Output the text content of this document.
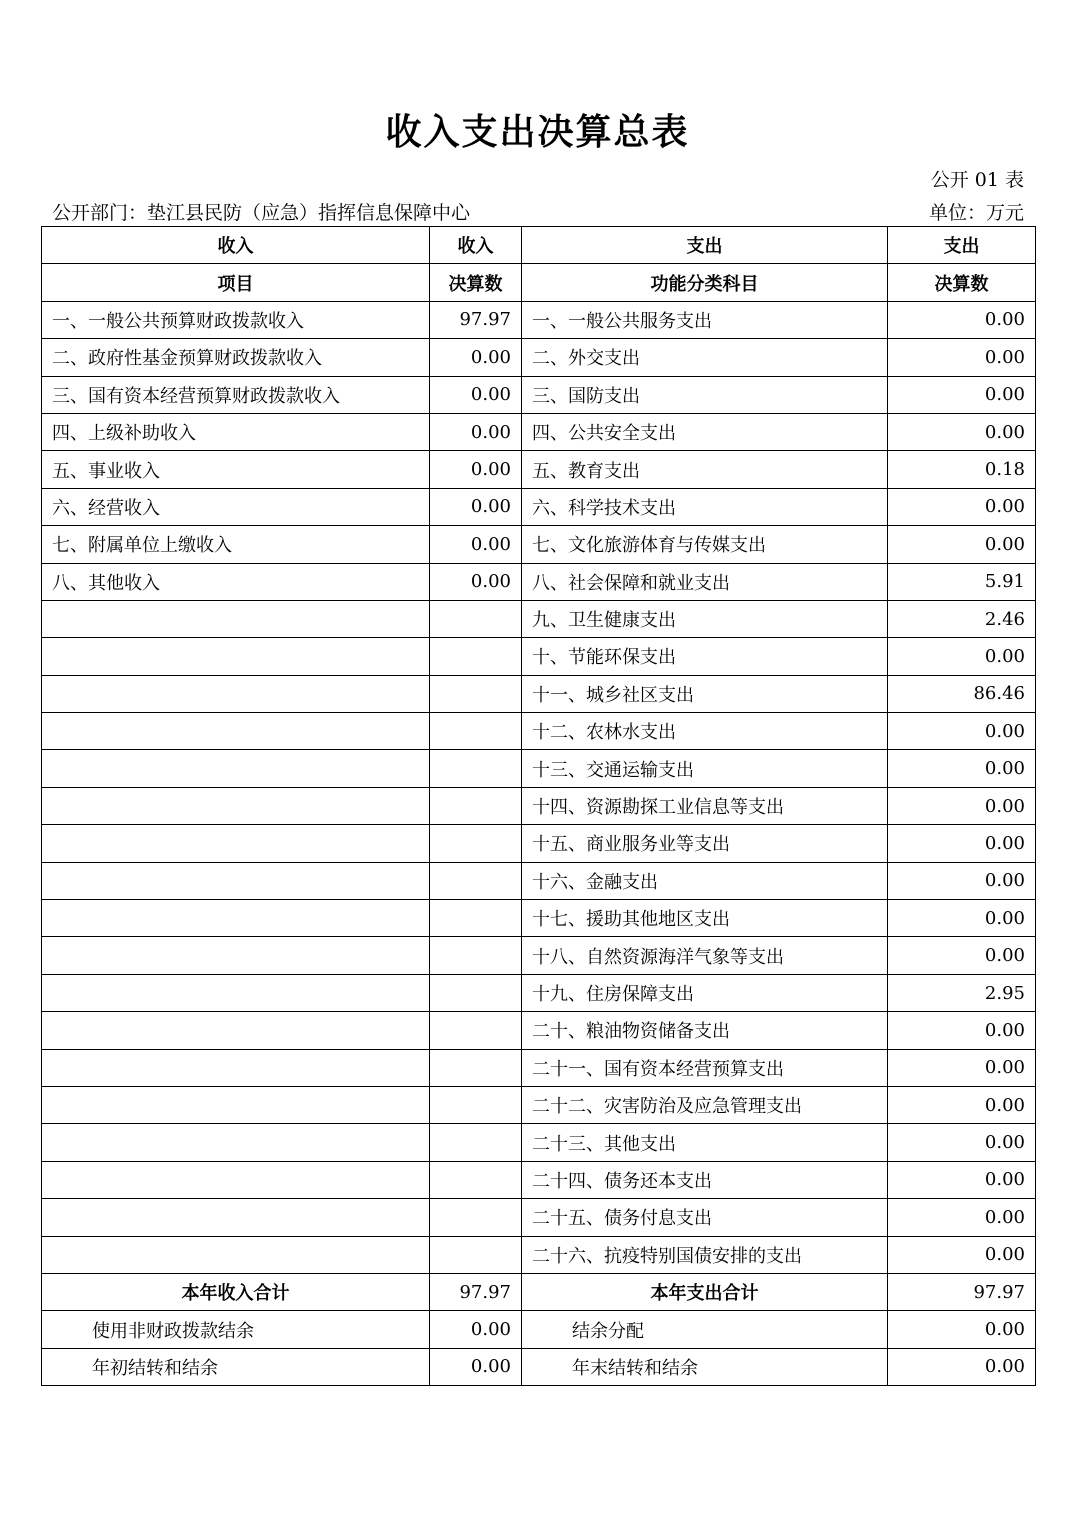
收入支出决算总表
公开 01 表
公开部门：垫江县民防（应急）指挥信息保障中心	单位：万元
收入	收入	支出	支出
项目	决算数	功能分类科目	决算数
一、一般公共预算财政拨款收入	97.97	一、一般公共服务支出	0.00
二、政府性基金预算财政拨款收入	0.00	二、外交支出	0.00
三、国有资本经营预算财政拨款收入	0.00	三、国防支出	0.00
四、上级补助收入	0.00	四、公共安全支出	0.00
五、事业收入	0.00	五、教育支出	0.18
六、经营收入	0.00	六、科学技术支出	0.00
七、附属单位上缴收入	0.00	七、文化旅游体育与传媒支出	0.00
八、其他收入	0.00	八、社会保障和就业支出	5.91
		九、卫生健康支出	2.46
		十、节能环保支出	0.00
		十一、城乡社区支出	86.46
		十二、农林水支出	0.00
		十三、交通运输支出	0.00
		十四、资源勘探工业信息等支出	0.00
		十五、商业服务业等支出	0.00
		十六、金融支出	0.00
		十七、援助其他地区支出	0.00
		十八、自然资源海洋气象等支出	0.00
		十九、住房保障支出	2.95
		二十、粮油物资储备支出	0.00
		二十一、国有资本经营预算支出	0.00
		二十二、灾害防治及应急管理支出	0.00
		二十三、其他支出	0.00
		二十四、债务还本支出	0.00
		二十五、债务付息支出	0.00
		二十六、抗疫特别国债安排的支出	0.00
本年收入合计	97.97	本年支出合计	97.97
使用非财政拨款结余	0.00	结余分配	0.00
年初结转和结余	0.00	年末结转和结余	0.00
